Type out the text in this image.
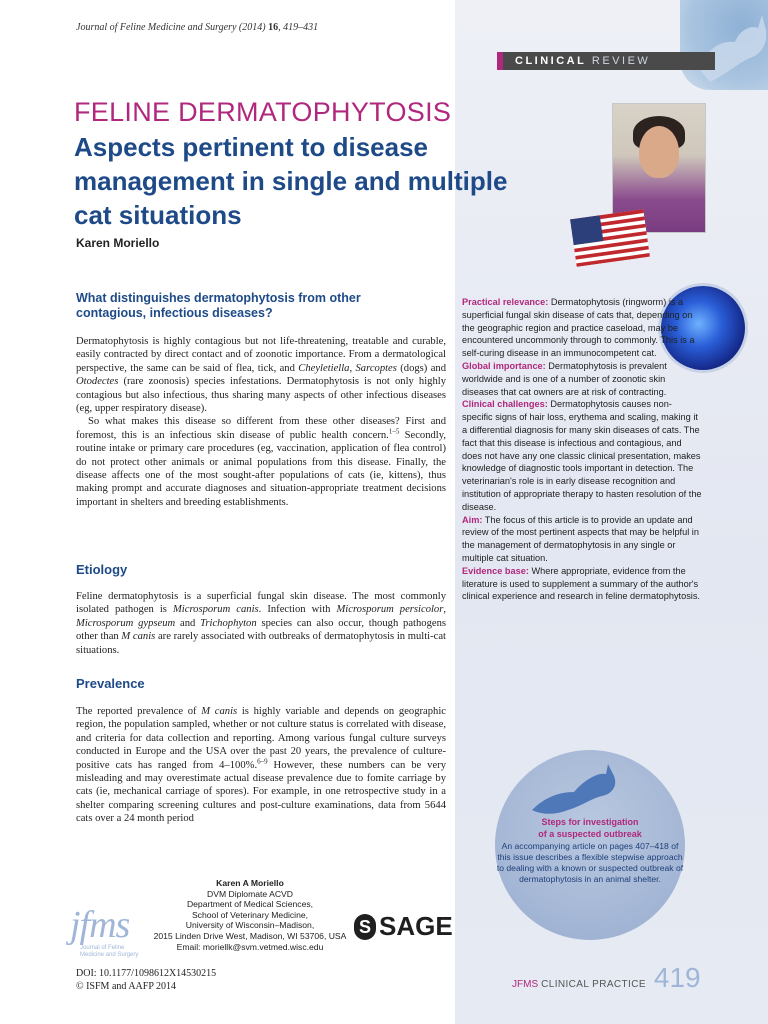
Journal of Feline Medicine and Surgery (2014) 16, 419–431
CLINICAL REVIEW
FELINE DERMATOPHYTOSIS
Aspects pertinent to disease management in single and multiple cat situations
Karen Moriello
What distinguishes dermatophytosis from other contagious, infectious diseases?

Dermatophytosis is highly contagious but not life-threatening, treatable and curable, easily contracted by direct contact and of zoonotic importance. From a dermatological perspective, the same can be said of flea, tick, and Cheyletiella, Sarcoptes (dogs) and Otodectes (rare zoonosis) species infestations. Dermatophytosis is not only highly contagious but also infectious, thus sharing many aspects of other infectious diseases (eg, upper respiratory disease).

So what makes this disease so different from these other diseases? First and foremost, this is an infectious skin disease of public health concern.$^{1-5}$ Secondly, routine intake or primary care procedures (eg, vaccination, application of flea control) do not protect other animals or animal populations from this disease. Finally, the disease affects one of the most sought-after populations of cats (ie, kittens), thus making prompt and accurate diagnoses and situation-appropriate treatment decisions important in shelters and breeding establishments.

Etiology

Feline dermatophytosis is a superficial fungal skin disease. The most commonly isolated pathogen is Microsporum canis. Infection with Microsporum persicolor, Microsporum gypseum and Trichophyton species can also occur, though pathogens other than M canis are rarely associated with outbreaks of dermatophytosis in multi-cat situations.

Prevalence

The reported prevalence of M canis is highly variable and depends on geographic region, the population sampled, whether or not culture status is correlated with disease, and criteria for data collection and reporting. Among various fungal culture surveys conducted in Europe and the USA over the past 20 years, the prevalence of culture-positive cats has ranged from 4–100%.$^{6-9}$ However, these numbers can be very misleading and may overestimate actual disease prevalence due to fomite carriage by cats (ie, mechanical carriage of spores). For example, in one retrospective study in a shelter comparing screening cultures and post-culture examinations, data from 5644 cats over a 24 month period

Practical relevance: Dermatophytosis (ringworm) is a superficial fungal skin disease of cats that, depending on the geographic region and practice caseload, may be encountered uncommonly through to commonly. This is a self-curing disease in an immunocompetent cat.

Global importance: Dermatophytosis is prevalent worldwide and is one of a number of zoonotic skin diseases that cat owners are at risk of contracting.

Clinical challenges: Dermatophytosis causes non-specific signs of hair loss, erythema and scaling, making it a differential diagnosis for many skin diseases of cats. The fact that this disease is infectious and contagious, and does not have any one classic clinical presentation, makes knowledge of diagnostic tools important in detection. The veterinarian's role is in early disease recognition and institution of appropriate therapy to hasten resolution of the disease.

Aim: The focus of this article is to provide an update and review of the most pertinent aspects that may be helpful in the management of dermatophytosis in any single or multiple cat situation.

Evidence base: Where appropriate, evidence from the literature is used to supplement a summary of the author's clinical experience and research in feline dermatophytosis.

Steps for investigation
of a suspected outbreak
An accompanying article on pages 407–418 of this issue describes a flexible stepwise approach to dealing with a known or suspected outbreak of dermatophytosis in an animal shelter.
jfms
Journal of Feline Medicine and Surgery
Karen A Moriello
DVM Diplomate ACVD
Department of Medical Sciences,
School of Veterinary Medicine,
University of Wisconsin–Madison,
2015 Linden Drive West, Madison, WI 53706, USA
Email: moriellk@svm.vetmed.wisc.edu
S SAGE
DOI: 10.1177/1098612X14530215
© ISFM and AAFP 2014	JFMS CLINICAL PRACTICE 419
